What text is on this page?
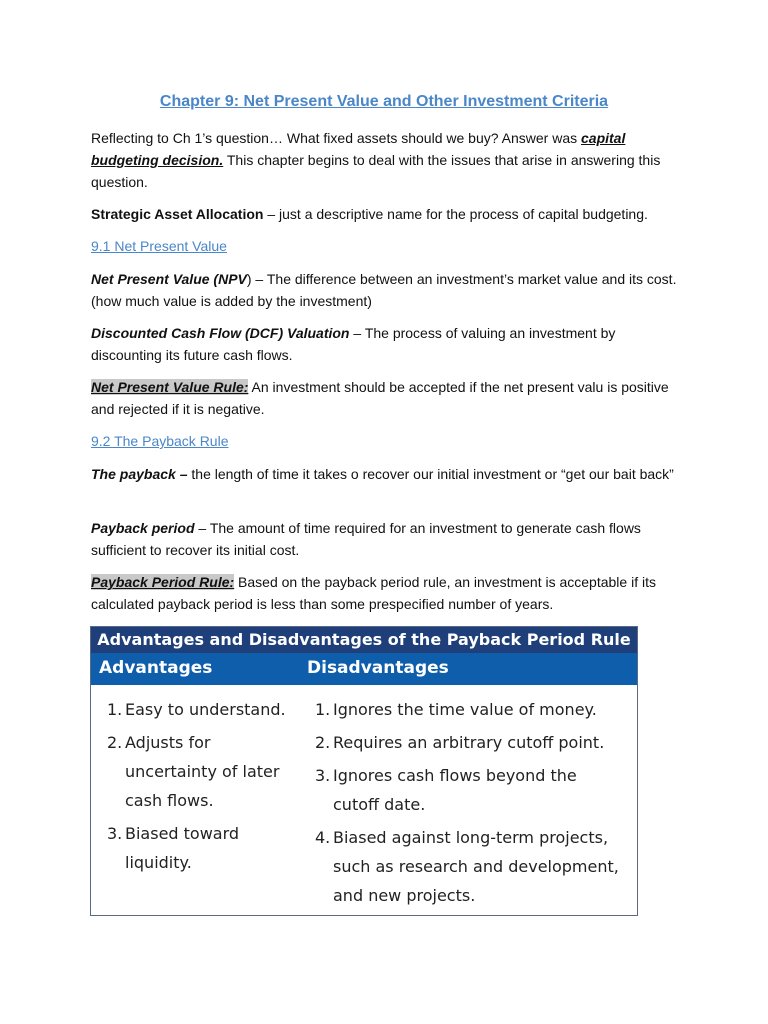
Chapter 9: Net Present Value and Other Investment Criteria
Reflecting to Ch 1’s question… What fixed assets should we buy? Answer was capital budgeting decision. This chapter begins to deal with the issues that arise in answering this question.
Strategic Asset Allocation – just a descriptive name for the process of capital budgeting.
9.1 Net Present Value
Net Present Value (NPV) – The difference between an investment’s market value and its cost. (how much value is added by the investment)
Discounted Cash Flow (DCF) Valuation – The process of valuing an investment by discounting its future cash flows.
Net Present Value Rule: An investment should be accepted if the net present valu is positive and rejected if it is negative.
9.2 The Payback Rule
The payback – the length of time it takes o recover our initial investment or “get our bait back”
Payback period – The amount of time required for an investment to generate cash flows sufficient to recover its initial cost.
Payback Period Rule: Based on the payback period rule, an investment is acceptable if its calculated payback period is less than some prespecified number of years.
Advantages and Disadvantages of the Payback Period Rule
Advantages	Disadvantages
1. Easy to understand.
2. Adjusts for uncertainty of later cash flows.
3. Biased toward liquidity.
1. Ignores the time value of money.
2. Requires an arbitrary cutoff point.
3. Ignores cash flows beyond the cutoff date.
4. Biased against long-term projects, such as research and development, and new projects.
